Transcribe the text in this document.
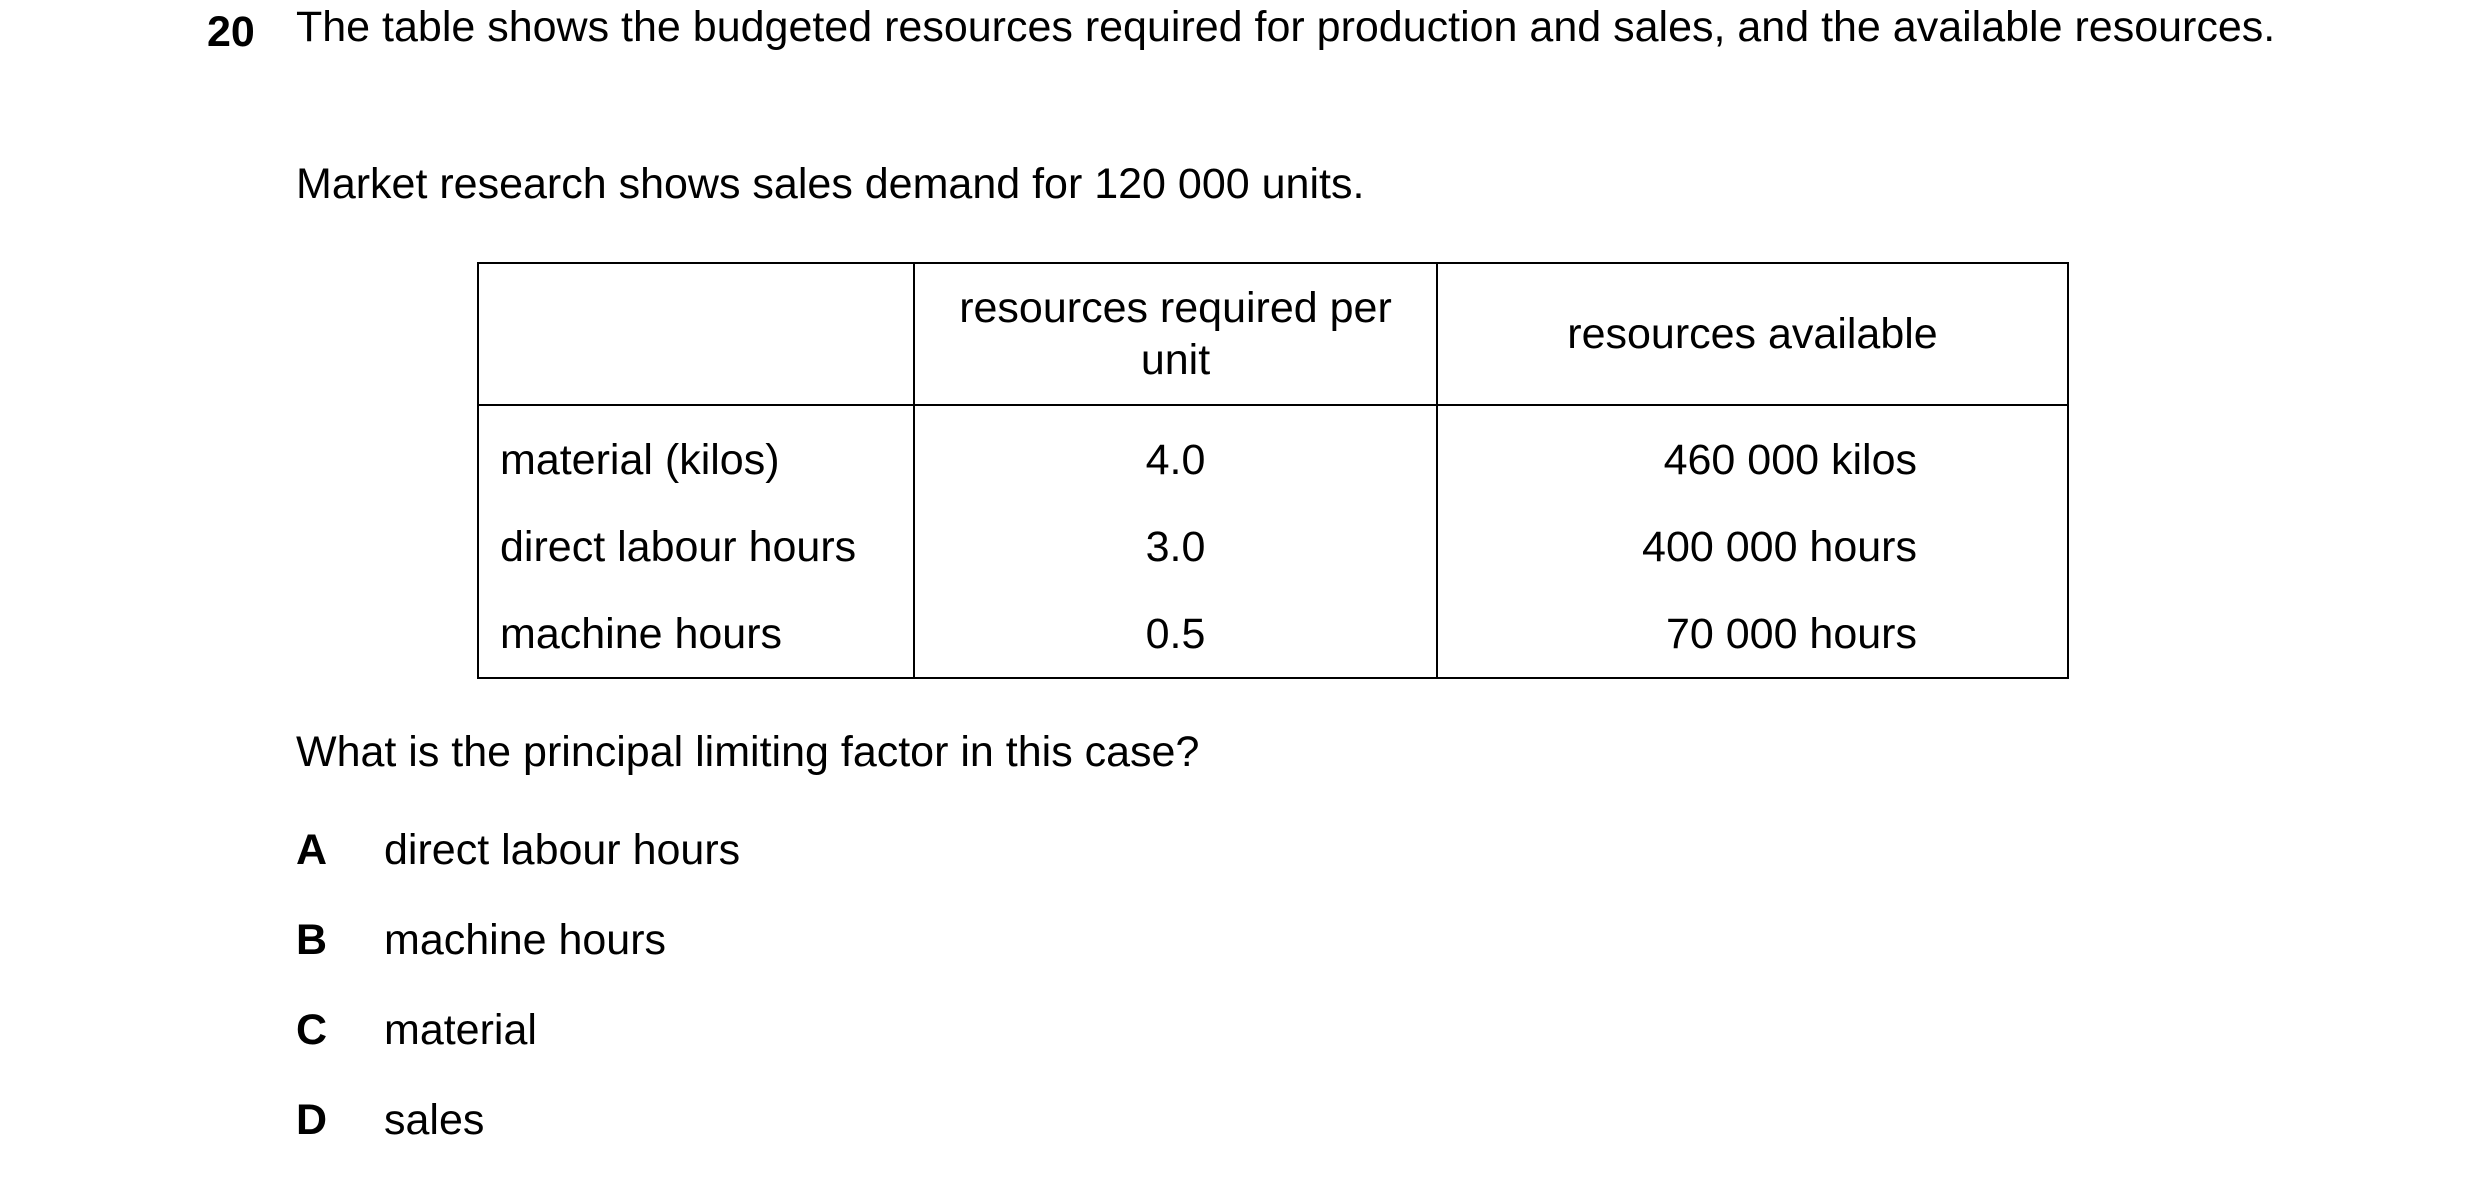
20 The table shows the budgeted resources required for production and sales, and the available resources.

Market research shows sales demand for 120 000 units.

	resources required per unit	resources available
material (kilos)	4.0	460 000 kilos
direct labour hours	3.0	400 000 hours
machine hours	0.5	70 000 hours

What is the principal limiting factor in this case?

A	direct labour hours
B	machine hours
C	material
D	sales
